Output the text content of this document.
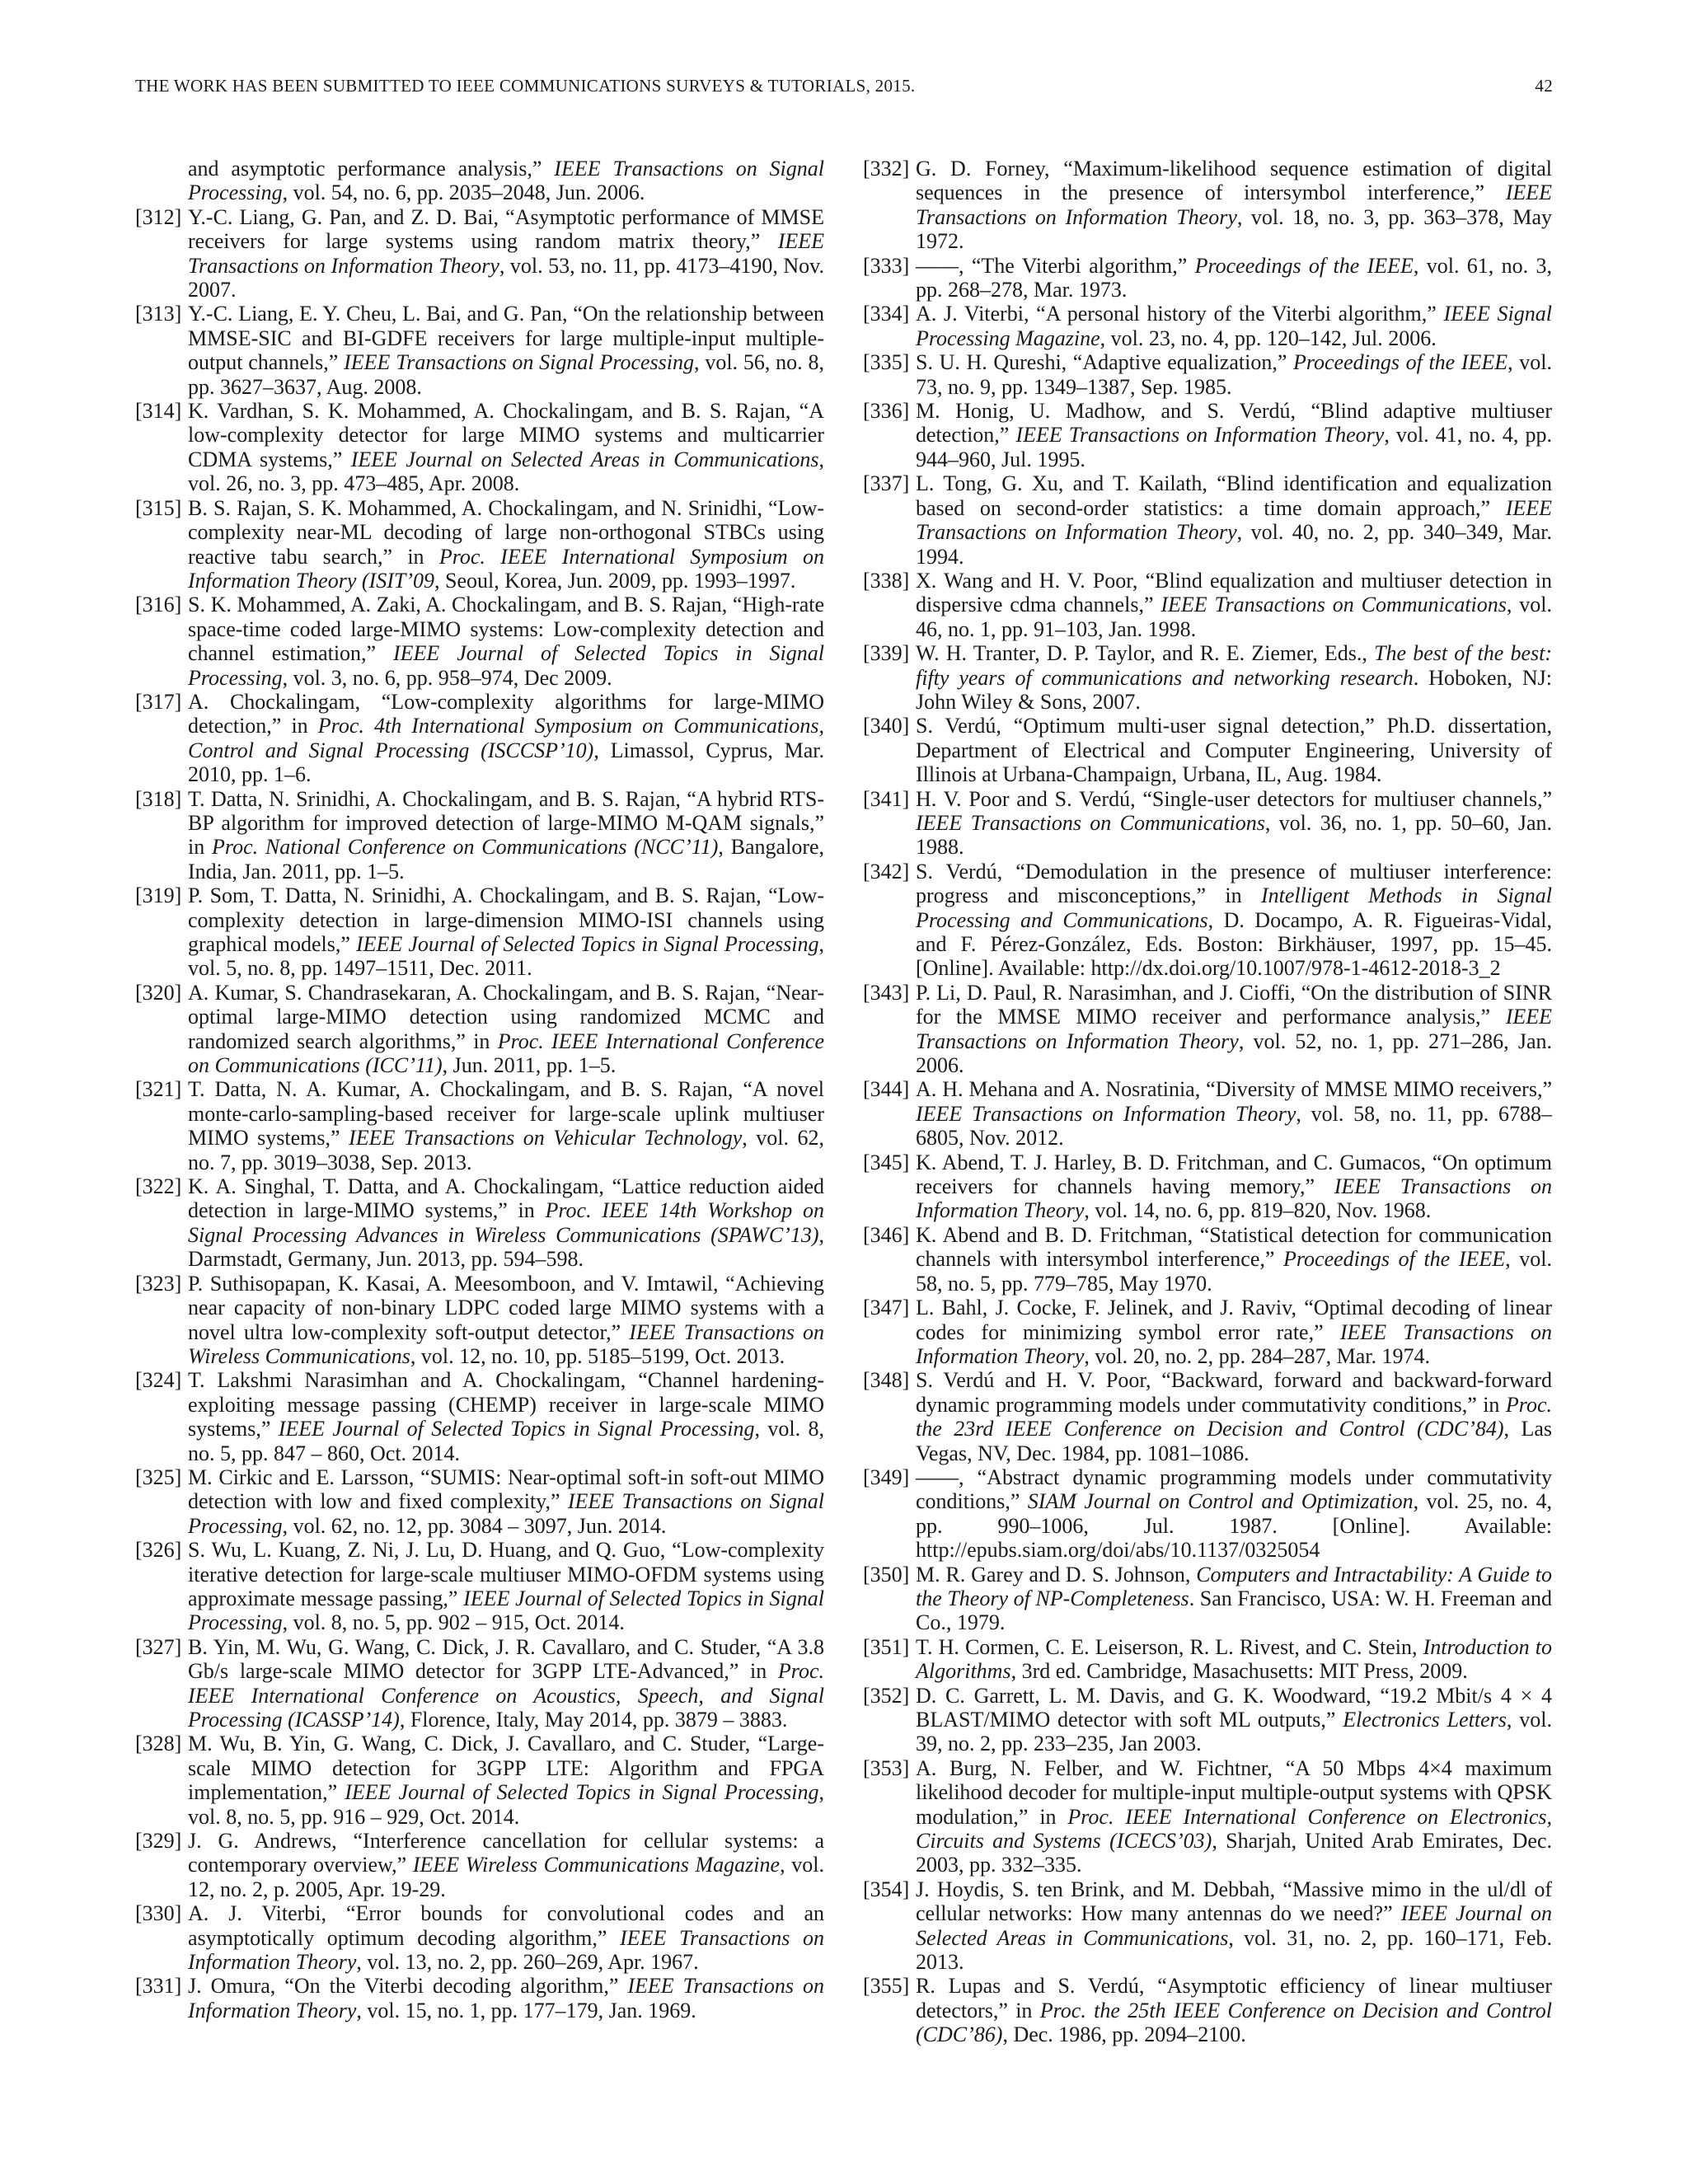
THE WORK HAS BEEN SUBMITTED TO IEEE COMMUNICATIONS SURVEYS & TUTORIALS, 2015.	42

and asymptotic performance analysis,” IEEE Transactions on Signal Processing, vol. 54, no. 6, pp. 2035–2048, Jun. 2006.

[312] Y.-C. Liang, G. Pan, and Z. D. Bai, “Asymptotic performance of MMSE receivers for large systems using random matrix theory,” IEEE Transactions on Information Theory, vol. 53, no. 11, pp. 4173–4190, Nov. 2007.

[313] Y.-C. Liang, E. Y. Cheu, L. Bai, and G. Pan, “On the relationship between MMSE-SIC and BI-GDFE receivers for large multiple-input multiple-output channels,” IEEE Transactions on Signal Processing, vol. 56, no. 8, pp. 3627–3637, Aug. 2008.

[314] K. Vardhan, S. K. Mohammed, A. Chockalingam, and B. S. Rajan, “A low-complexity detector for large MIMO systems and multicarrier CDMA systems,” IEEE Journal on Selected Areas in Communications, vol. 26, no. 3, pp. 473–485, Apr. 2008.

[315] B. S. Rajan, S. K. Mohammed, A. Chockalingam, and N. Srinidhi, “Low-complexity near-ML decoding of large non-orthogonal STBCs using reactive tabu search,” in Proc. IEEE International Symposium on Information Theory (ISIT’09, Seoul, Korea, Jun. 2009, pp. 1993–1997.

[316] S. K. Mohammed, A. Zaki, A. Chockalingam, and B. S. Rajan, “High-rate space-time coded large-MIMO systems: Low-complexity detection and channel estimation,” IEEE Journal of Selected Topics in Signal Processing, vol. 3, no. 6, pp. 958–974, Dec 2009.

[317] A. Chockalingam, “Low-complexity algorithms for large-MIMO detection,” in Proc. 4th International Symposium on Communications, Control and Signal Processing (ISCCSP’10), Limassol, Cyprus, Mar. 2010, pp. 1–6.

[318] T. Datta, N. Srinidhi, A. Chockalingam, and B. S. Rajan, “A hybrid RTS-BP algorithm for improved detection of large-MIMO M-QAM signals,” in Proc. National Conference on Communications (NCC’11), Bangalore, India, Jan. 2011, pp. 1–5.

[319] P. Som, T. Datta, N. Srinidhi, A. Chockalingam, and B. S. Rajan, “Low-complexity detection in large-dimension MIMO-ISI channels using graphical models,” IEEE Journal of Selected Topics in Signal Processing, vol. 5, no. 8, pp. 1497–1511, Dec. 2011.

[320] A. Kumar, S. Chandrasekaran, A. Chockalingam, and B. S. Rajan, “Near-optimal large-MIMO detection using randomized MCMC and randomized search algorithms,” in Proc. IEEE International Conference on Communications (ICC’11), Jun. 2011, pp. 1–5.

[321] T. Datta, N. A. Kumar, A. Chockalingam, and B. S. Rajan, “A novel monte-carlo-sampling-based receiver for large-scale uplink multiuser MIMO systems,” IEEE Transactions on Vehicular Technology, vol. 62, no. 7, pp. 3019–3038, Sep. 2013.

[322] K. A. Singhal, T. Datta, and A. Chockalingam, “Lattice reduction aided detection in large-MIMO systems,” in Proc. IEEE 14th Workshop on Signal Processing Advances in Wireless Communications (SPAWC’13), Darmstadt, Germany, Jun. 2013, pp. 594–598.

[323] P. Suthisopapan, K. Kasai, A. Meesomboon, and V. Imtawil, “Achieving near capacity of non-binary LDPC coded large MIMO systems with a novel ultra low-complexity soft-output detector,” IEEE Transactions on Wireless Communications, vol. 12, no. 10, pp. 5185–5199, Oct. 2013.

[324] T. Lakshmi Narasimhan and A. Chockalingam, “Channel hardening-exploiting message passing (CHEMP) receiver in large-scale MIMO systems,” IEEE Journal of Selected Topics in Signal Processing, vol. 8, no. 5, pp. 847 – 860, Oct. 2014.

[325] M. Cirkic and E. Larsson, “SUMIS: Near-optimal soft-in soft-out MIMO detection with low and fixed complexity,” IEEE Transactions on Signal Processing, vol. 62, no. 12, pp. 3084 – 3097, Jun. 2014.

[326] S. Wu, L. Kuang, Z. Ni, J. Lu, D. Huang, and Q. Guo, “Low-complexity iterative detection for large-scale multiuser MIMO-OFDM systems using approximate message passing,” IEEE Journal of Selected Topics in Signal Processing, vol. 8, no. 5, pp. 902 – 915, Oct. 2014.

[327] B. Yin, M. Wu, G. Wang, C. Dick, J. R. Cavallaro, and C. Studer, “A 3.8 Gb/s large-scale MIMO detector for 3GPP LTE-Advanced,” in Proc. IEEE International Conference on Acoustics, Speech, and Signal Processing (ICASSP’14), Florence, Italy, May 2014, pp. 3879 – 3883.

[328] M. Wu, B. Yin, G. Wang, C. Dick, J. Cavallaro, and C. Studer, “Large-scale MIMO detection for 3GPP LTE: Algorithm and FPGA implementation,” IEEE Journal of Selected Topics in Signal Processing, vol. 8, no. 5, pp. 916 – 929, Oct. 2014.

[329] J. G. Andrews, “Interference cancellation for cellular systems: a contemporary overview,” IEEE Wireless Communications Magazine, vol. 12, no. 2, p. 2005, Apr. 19-29.

[330] A. J. Viterbi, “Error bounds for convolutional codes and an asymptotically optimum decoding algorithm,” IEEE Transactions on Information Theory, vol. 13, no. 2, pp. 260–269, Apr. 1967.

[331] J. Omura, “On the Viterbi decoding algorithm,” IEEE Transactions on Information Theory, vol. 15, no. 1, pp. 177–179, Jan. 1969.

[332] G. D. Forney, “Maximum-likelihood sequence estimation of digital sequences in the presence of intersymbol interference,” IEEE Transactions on Information Theory, vol. 18, no. 3, pp. 363–378, May 1972.

[333] ——, “The Viterbi algorithm,” Proceedings of the IEEE, vol. 61, no. 3, pp. 268–278, Mar. 1973.

[334] A. J. Viterbi, “A personal history of the Viterbi algorithm,” IEEE Signal Processing Magazine, vol. 23, no. 4, pp. 120–142, Jul. 2006.

[335] S. U. H. Qureshi, “Adaptive equalization,” Proceedings of the IEEE, vol. 73, no. 9, pp. 1349–1387, Sep. 1985.

[336] M. Honig, U. Madhow, and S. Verdú, “Blind adaptive multiuser detection,” IEEE Transactions on Information Theory, vol. 41, no. 4, pp. 944–960, Jul. 1995.

[337] L. Tong, G. Xu, and T. Kailath, “Blind identification and equalization based on second-order statistics: a time domain approach,” IEEE Transactions on Information Theory, vol. 40, no. 2, pp. 340–349, Mar. 1994.

[338] X. Wang and H. V. Poor, “Blind equalization and multiuser detection in dispersive cdma channels,” IEEE Transactions on Communications, vol. 46, no. 1, pp. 91–103, Jan. 1998.

[339] W. H. Tranter, D. P. Taylor, and R. E. Ziemer, Eds., The best of the best: fifty years of communications and networking research. Hoboken, NJ: John Wiley & Sons, 2007.

[340] S. Verdú, “Optimum multi-user signal detection,” Ph.D. dissertation, Department of Electrical and Computer Engineering, University of Illinois at Urbana-Champaign, Urbana, IL, Aug. 1984.

[341] H. V. Poor and S. Verdú, “Single-user detectors for multiuser channels,” IEEE Transactions on Communications, vol. 36, no. 1, pp. 50–60, Jan. 1988.

[342] S. Verdú, “Demodulation in the presence of multiuser interference: progress and misconceptions,” in Intelligent Methods in Signal Processing and Communications, D. Docampo, A. R. Figueiras-Vidal, and F. Pérez-González, Eds. Boston: Birkhäuser, 1997, pp. 15–45. [Online]. Available: http://dx.doi.org/10.1007/978-1-4612-2018-3_2

[343] P. Li, D. Paul, R. Narasimhan, and J. Cioffi, “On the distribution of SINR for the MMSE MIMO receiver and performance analysis,” IEEE Transactions on Information Theory, vol. 52, no. 1, pp. 271–286, Jan. 2006.

[344] A. H. Mehana and A. Nosratinia, “Diversity of MMSE MIMO receivers,” IEEE Transactions on Information Theory, vol. 58, no. 11, pp. 6788–6805, Nov. 2012.

[345] K. Abend, T. J. Harley, B. D. Fritchman, and C. Gumacos, “On optimum receivers for channels having memory,” IEEE Transactions on Information Theory, vol. 14, no. 6, pp. 819–820, Nov. 1968.

[346] K. Abend and B. D. Fritchman, “Statistical detection for communication channels with intersymbol interference,” Proceedings of the IEEE, vol. 58, no. 5, pp. 779–785, May 1970.

[347] L. Bahl, J. Cocke, F. Jelinek, and J. Raviv, “Optimal decoding of linear codes for minimizing symbol error rate,” IEEE Transactions on Information Theory, vol. 20, no. 2, pp. 284–287, Mar. 1974.

[348] S. Verdú and H. V. Poor, “Backward, forward and backward-forward dynamic programming models under commutativity conditions,” in Proc. the 23rd IEEE Conference on Decision and Control (CDC’84), Las Vegas, NV, Dec. 1984, pp. 1081–1086.

[349] ——, “Abstract dynamic programming models under commutativity conditions,” SIAM Journal on Control and Optimization, vol. 25, no. 4, pp. 990–1006, Jul. 1987. [Online]. Available: http://epubs.siam.org/doi/abs/10.1137/0325054

[350] M. R. Garey and D. S. Johnson, Computers and Intractability: A Guide to the Theory of NP-Completeness. San Francisco, USA: W. H. Freeman and Co., 1979.

[351] T. H. Cormen, C. E. Leiserson, R. L. Rivest, and C. Stein, Introduction to Algorithms, 3rd ed. Cambridge, Masachusetts: MIT Press, 2009.

[352] D. C. Garrett, L. M. Davis, and G. K. Woodward, “19.2 Mbit/s 4 × 4 BLAST/MIMO detector with soft ML outputs,” Electronics Letters, vol. 39, no. 2, pp. 233–235, Jan 2003.

[353] A. Burg, N. Felber, and W. Fichtner, “A 50 Mbps 4×4 maximum likelihood decoder for multiple-input multiple-output systems with QPSK modulation,” in Proc. IEEE International Conference on Electronics, Circuits and Systems (ICECS’03), Sharjah, United Arab Emirates, Dec. 2003, pp. 332–335.

[354] J. Hoydis, S. ten Brink, and M. Debbah, “Massive mimo in the ul/dl of cellular networks: How many antennas do we need?” IEEE Journal on Selected Areas in Communications, vol. 31, no. 2, pp. 160–171, Feb. 2013.

[355] R. Lupas and S. Verdú, “Asymptotic efficiency of linear multiuser detectors,” in Proc. the 25th IEEE Conference on Decision and Control (CDC’86), Dec. 1986, pp. 2094–2100.
